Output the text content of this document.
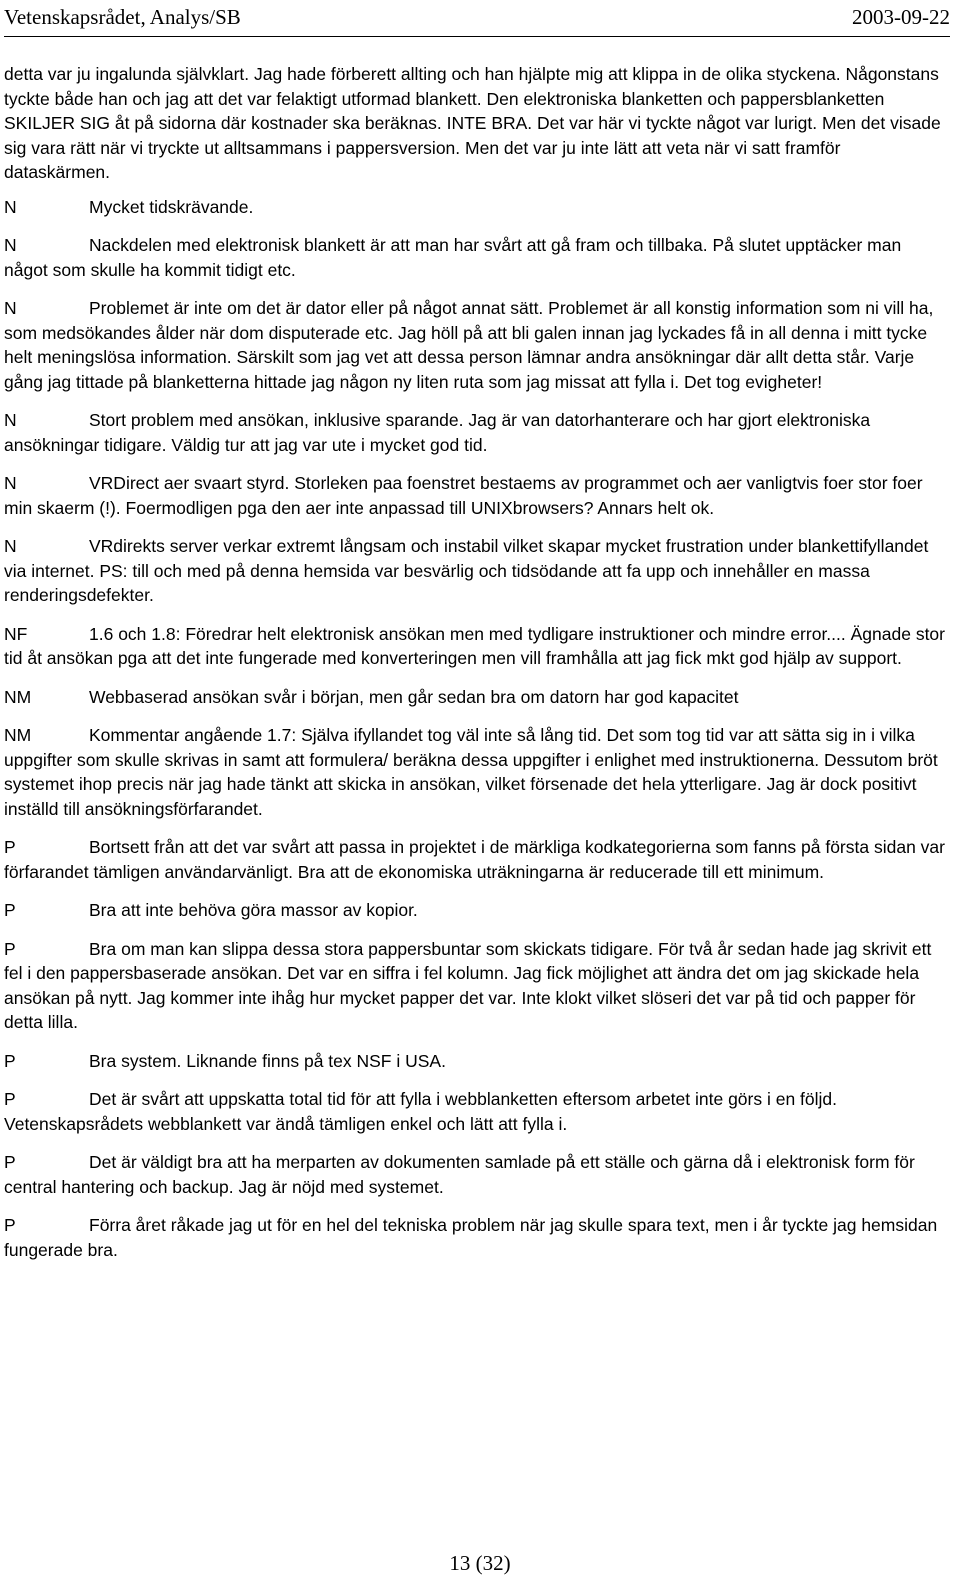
Vetenskapsrådet, Analys/SB	2003-09-22

detta var ju ingalunda självklart. Jag hade förberett allting och han hjälpte mig att klippa in de olika styckena. Någonstans tyckte både han och jag att det var felaktigt utformad blankett. Den elektroniska blanketten och pappersblanketten SKILJER SIG åt på sidorna där kostnader ska beräknas. INTE BRA. Det var här vi tyckte något var lurigt. Men det visade sig vara rätt när vi tryckte ut alltsammans i pappersversion. Men det var ju inte lätt att veta när vi satt framför dataskärmen.

N	Mycket tidskrävande.

N	Nackdelen med elektronisk blankett är att man har svårt att gå fram och tillbaka. På slutet upptäcker man något som skulle ha kommit tidigt etc.

N	Problemet är inte om det är dator eller på något annat sätt. Problemet är all konstig information som ni vill ha, som medsökandes ålder när dom disputerade etc. Jag höll på att bli galen innan jag lyckades få in all denna i mitt tycke helt meningslösa information. Särskilt som jag vet att dessa person lämnar andra ansökningar där allt detta står. Varje gång jag tittade på blanketterna hittade jag någon ny liten ruta som jag missat att fylla i. Det tog evigheter!

N	Stort problem med ansökan, inklusive sparande. Jag är van datorhanterare och har gjort elektroniska ansökningar tidigare. Väldig tur att jag var ute i mycket god tid.

N	VRDirect aer svaart styrd. Storleken paa foenstret bestaems av programmet och aer vanligtvis foer stor foer min skaerm (!). Foermodligen pga den aer inte anpassad till UNIXbrowsers? Annars helt ok.

N	VRdirekts server verkar extremt långsam och instabil vilket skapar mycket frustration under blankettifyllandet via internet. PS: till och med på denna hemsida var besvärlig och tidsödande att fa upp och innehåller en massa renderingsdefekter.

NF	1.6 och 1.8: Föredrar helt elektronisk ansökan men med tydligare instruktioner och mindre error.... Ägnade stor tid åt ansökan pga att det inte fungerade med konverteringen men vill framhålla att jag fick mkt god hjälp av support.

NM	Webbaserad ansökan svår i början, men går sedan bra om datorn har god kapacitet

NM	Kommentar angående 1.7: Själva ifyllandet tog väl inte så lång tid. Det som tog tid var att sätta sig in i vilka uppgifter som skulle skrivas in samt att formulera/ beräkna dessa uppgifter i enlighet med instruktionerna. Dessutom bröt systemet ihop precis när jag hade tänkt att skicka in ansökan, vilket försenade det hela ytterligare. Jag är dock positivt inställd till ansökningsförfarandet.

P	Bortsett från att det var svårt att passa in projektet i de märkliga kodkategorierna som fanns på första sidan var förfarandet tämligen användarvänligt. Bra att de ekonomiska uträkningarna är reducerade till ett minimum.

P	Bra att inte behöva göra massor av kopior.

P	Bra om man kan slippa dessa stora pappersbuntar som skickats tidigare. För två år sedan hade jag skrivit ett fel i den pappersbaserade ansökan. Det var en siffra i fel kolumn. Jag fick möjlighet att ändra det om jag skickade hela ansökan på nytt. Jag kommer inte ihåg hur mycket papper det var. Inte klokt vilket slöseri det var på tid och papper för detta lilla.

P	Bra system. Liknande finns på tex NSF i USA.

P	Det är svårt att uppskatta total tid för att fylla i webblanketten eftersom arbetet inte görs i en följd. Vetenskapsrådets webblankett var ändå tämligen enkel och lätt att fylla i.

P	Det är väldigt bra att ha merparten av dokumenten samlade på ett ställe och gärna då i elektronisk form för central hantering och backup. Jag är nöjd med systemet.

P	Förra året råkade jag ut för en hel del tekniska problem när jag skulle spara text, men i år tyckte jag hemsidan fungerade bra.

13 (32)
